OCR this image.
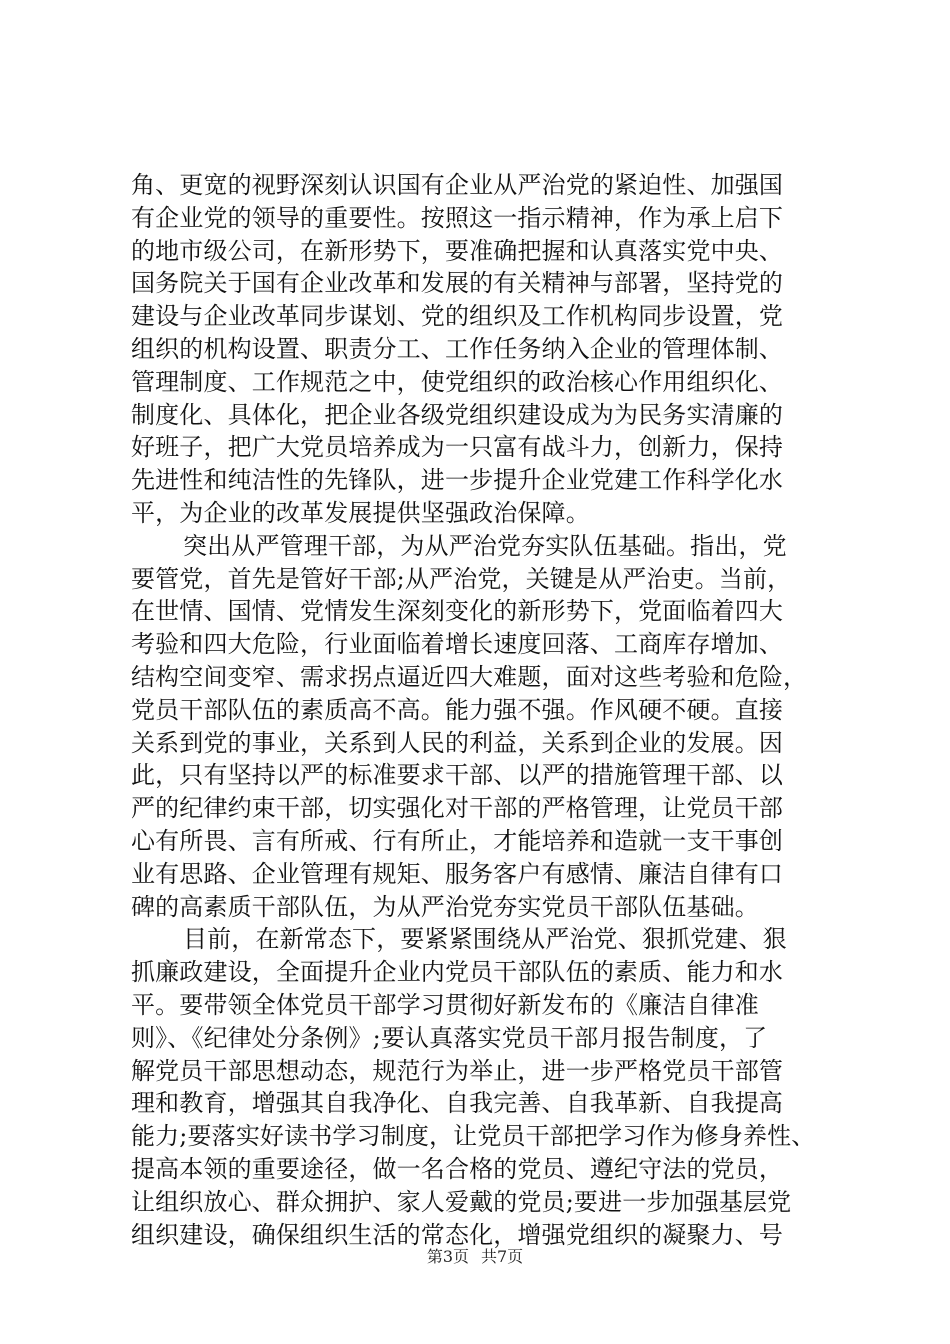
角、更宽的视野深刻认识国有企业从严治党的紧迫性、加强国
有企业党的领导的重要性。按照这一指示精神，作为承上启下
的地市级公司，在新形势下，要准确把握和认真落实党中央、
国务院关于国有企业改革和发展的有关精神与部署，坚持党的
建设与企业改革同步谋划、党的组织及工作机构同步设置，党
组织的机构设置、职责分工、工作任务纳入企业的管理体制、
管理制度、工作规范之中，使党组织的政治核心作用组织化、
制度化、具体化，把企业各级党组织建设成为为民务实清廉的
好班子，把广大党员培养成为一只富有战斗力，创新力，保持
先进性和纯洁性的先锋队，进一步提升企业党建工作科学化水
平，为企业的改革发展提供坚强政治保障。
突出从严管理干部，为从严治党夯实队伍基础。指出，党
要管党，首先是管好干部;从严治党，关键是从严治吏。当前，
在世情、国情、党情发生深刻变化的新形势下，党面临着四大
考验和四大危险，行业面临着增长速度回落、工商库存增加、
结构空间变窄、需求拐点逼近四大难题，面对这些考验和危险，
党员干部队伍的素质高不高。能力强不强。作风硬不硬。直接
关系到党的事业，关系到人民的利益，关系到企业的发展。因
此，只有坚持以严的标准要求干部、以严的措施管理干部、以
严的纪律约束干部，切实强化对干部的严格管理，让党员干部
心有所畏、言有所戒、行有所止，才能培养和造就一支干事创
业有思路、企业管理有规矩、服务客户有感情、廉洁自律有口
碑的高素质干部队伍，为从严治党夯实党员干部队伍基础。
目前，在新常态下，要紧紧围绕从严治党、狠抓党建、狠
抓廉政建设，全面提升企业内党员干部队伍的素质、能力和水
平。要带领全体党员干部学习贯彻好新发布的《廉洁自律准
则》、《纪律处分条例》;要认真落实党员干部月报告制度，了
解党员干部思想动态，规范行为举止，进一步严格党员干部管
理和教育，增强其自我净化、自我完善、自我革新、自我提高
能力;要落实好读书学习制度，让党员干部把学习作为修身养性、
提高本领的重要途径，做一名合格的党员、遵纪守法的党员，
让组织放心、群众拥护、家人爱戴的党员;要进一步加强基层党
组织建设，确保组织生活的常态化，增强党组织的凝聚力、号
第3页 共7页
